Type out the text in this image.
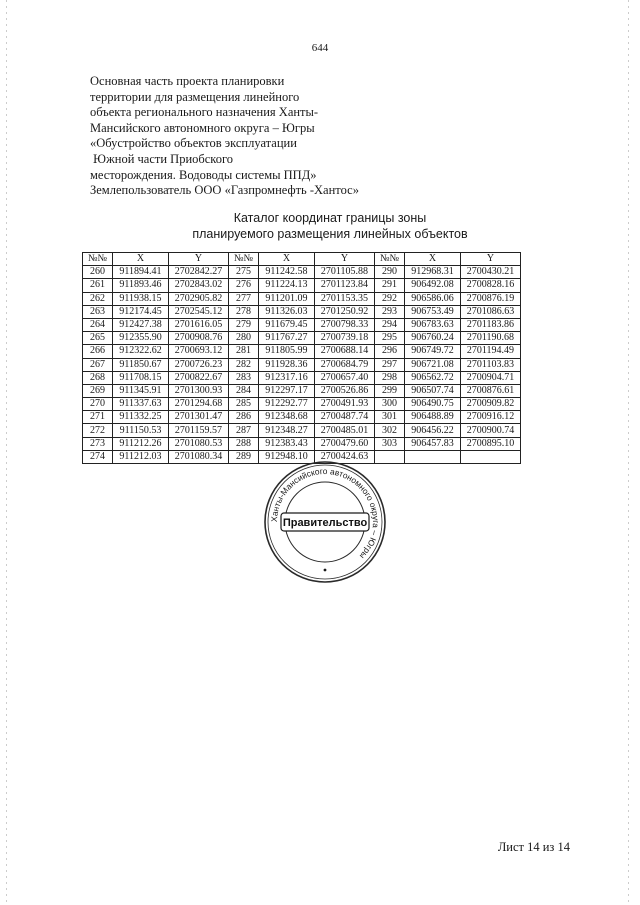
644
Основная часть проекта планировки
территории для размещения линейного
объекта регионального назначения Ханты-
Мансийского автономного округа – Югры
«Обустройство объектов эксплуатации
Южной части Приобского
месторождения. Водоводы системы ППД»
Землепользователь ООО «Газпромнефть -Хантос»
Каталог координат границы зоны
планируемого размещения линейных объектов
№№	X	Y	№№	X	Y	№№	X	Y
260	911894.41	2702842.27	275	911242.58	2701105.88	290	912968.31	2700430.21
261	911893.46	2702843.02	276	911224.13	2701123.84	291	906492.08	2700828.16
262	911938.15	2702905.82	277	911201.09	2701153.35	292	906586.06	2700876.19
263	912174.45	2702545.12	278	911326.03	2701250.92	293	906753.49	2701086.63
264	912427.38	2701616.05	279	911679.45	2700798.33	294	906783.63	2701183.86
265	912355.90	2700908.76	280	911767.27	2700739.18	295	906760.24	2701190.68
266	912322.62	2700693.12	281	911805.99	2700688.14	296	906749.72	2701194.49
267	911850.67	2700726.23	282	911928.36	2700684.79	297	906721.08	2701103.83
268	911708.15	2700822.67	283	912317.16	2700657.40	298	906562.72	2700904.71
269	911345.91	2701300.93	284	912297.17	2700526.86	299	906507.74	2700876.61
270	911337.63	2701294.68	285	912292.77	2700491.93	300	906490.75	2700909.82
271	911332.25	2701301.47	286	912348.68	2700487.74	301	906488.89	2700916.12
272	911150.53	2701159.57	287	912348.27	2700485.01	302	906456.22	2700900.74
273	911212.26	2701080.53	288	912383.43	2700479.60	303	906457.83	2700895.10
274	911212.03	2701080.34	289	912948.10	2700424.63			
Ханты-Мансийского автономного округа – Югры
Правительство
Лист 14 из 14
